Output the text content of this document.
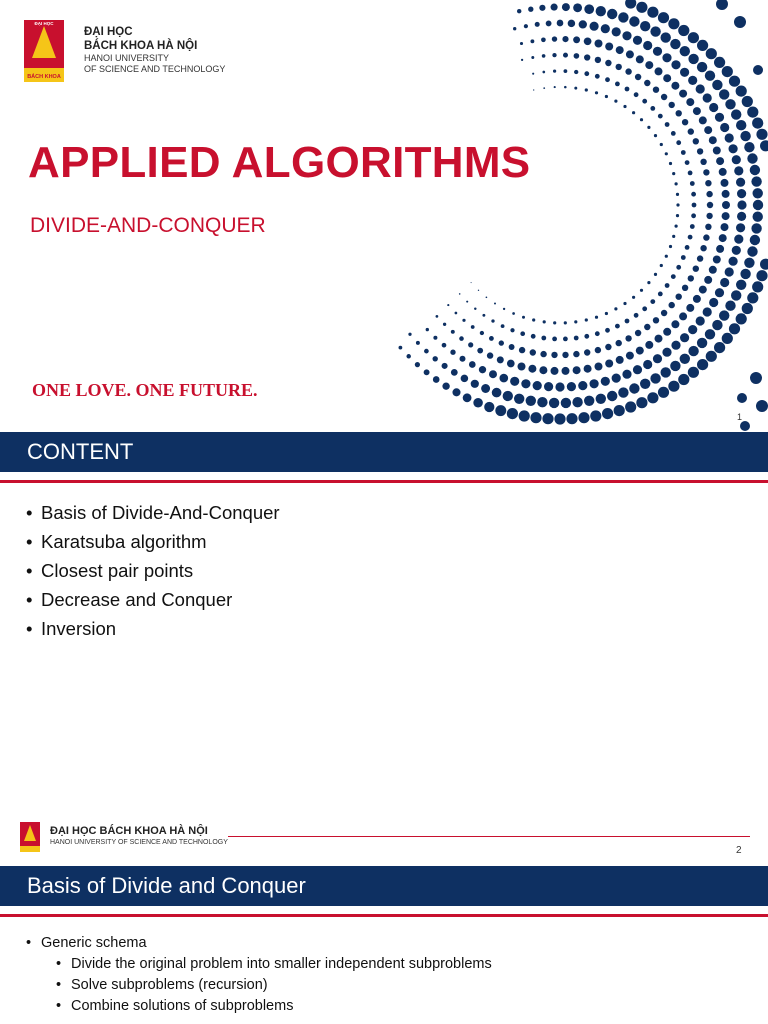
ĐẠI HỌC
BÁCH KHOA
ĐẠI HỌC
BÁCH KHOA HÀ NỘI
HANOI UNIVERSITY
OF SCIENCE AND TECHNOLOGY
APPLIED ALGORITHMS
DIVIDE-AND-CONQUER
ONE LOVE. ONE FUTURE.
1
CONTENT
• Basis of Divide-And-Conquer
• Karatsuba algorithm
• Closest pair points
• Decrease and Conquer
• Inversion
ĐẠI HỌC BÁCH KHOA HÀ NỘI
HANOI UNIVERSITY OF SCIENCE AND TECHNOLOGY
2
Basis of Divide and Conquer
• Generic schema
• Divide the original problem into smaller independent subproblems
• Solve subproblems (recursion)
• Combine solutions of subproblems
